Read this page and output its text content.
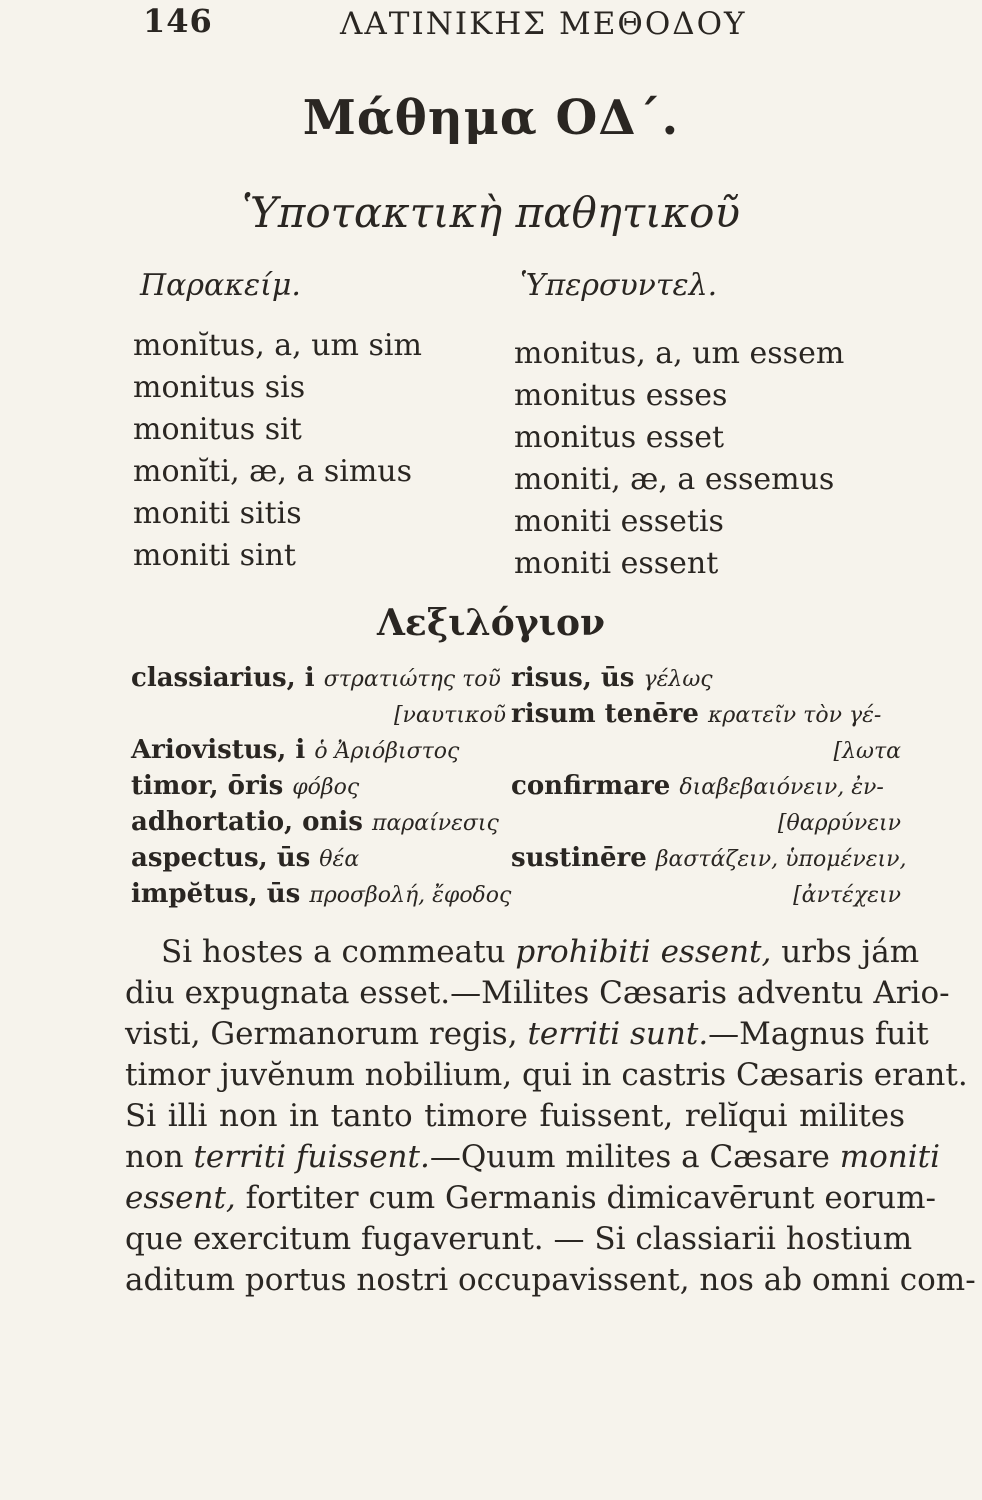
146	ΛΑΤΙΝΙΚΗΣ ΜΕΘΟΔΟΥ
Μάθημα ΟΔ΄.
Ὑποτακτικὴ παθητικοῦ
Παρακείμ.	Ὑπερσυντελ.
monĭtus, a, um sim
monitus sis
monitus sit
monĭti, æ, a simus
moniti sitis
moniti sint
monitus, a, um essem
monitus esses
monitus esset
moniti, æ, a essemus
moniti essetis
moniti essent
Λεξιλόγιον
classiarius, i στρατιώτης τοῦ
[ναυτικοῦ
Ariovistus, i ὁ Ἀριόβιστος
timor, ōris φόβος
adhortatio, onis παραίνεσις
aspectus, ūs θέα
impĕtus, ūs προσβολή, ἔφοδος
risus, ūs γέλως
risum tenēre κρατεῖν τὸν γέ-
[λωτα
confirmare διαβεβαιόνειν, ἐν-
[θαρρύνειν
sustinēre βαστάζειν, ὑπομένειν,
[ἀντέχειν
Si hostes a commeatu prohibiti essent, urbs jám
diu expugnata esset.—Milites Cæsaris adventu Ario-
visti, Germanorum regis, territi sunt.—Magnus fuit
timor juvĕnum nobilium, qui in castris Cæsaris erant.
Si illi non in tanto timore fuissent, relĭqui milites
non territi fuissent.—Quum milites a Cæsare moniti
essent, fortiter cum Germanis dimicavērunt eorum-
que exercitum fugaverunt. — Si classiarii hostium
aditum portus nostri occupavissent, nos ab omni com-
